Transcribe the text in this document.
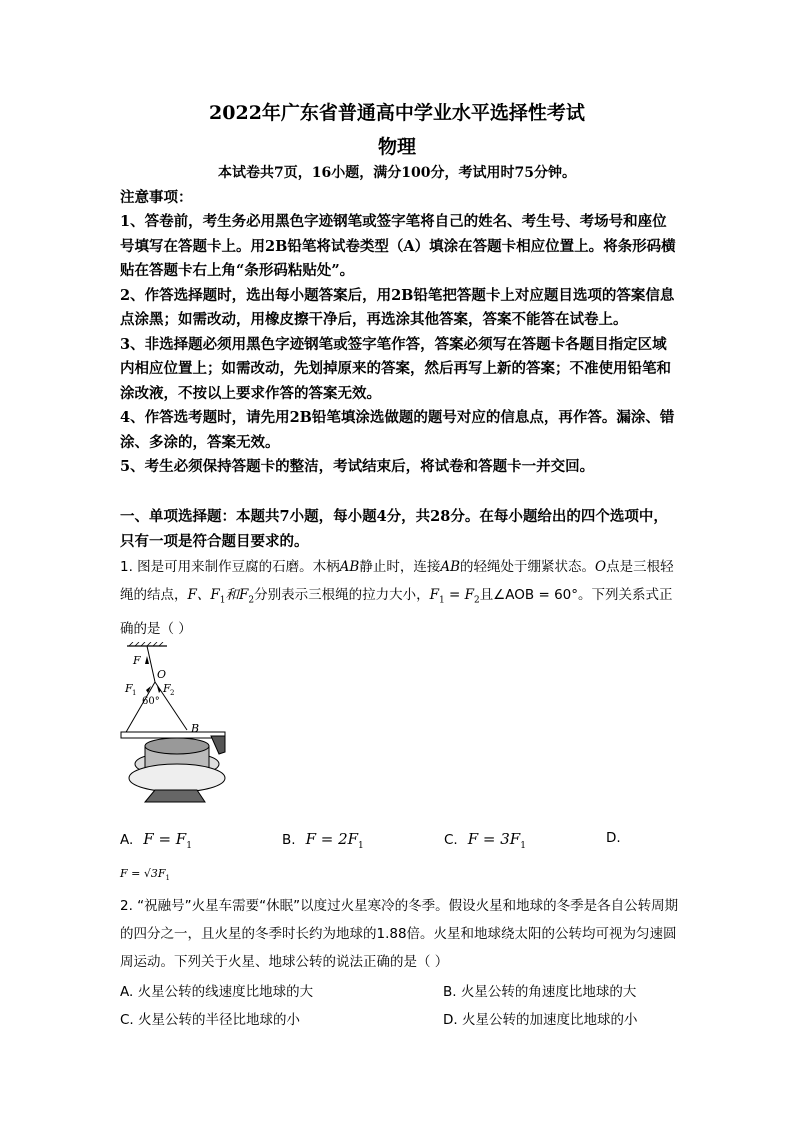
2022年广东省普通高中学业水平选择性考试
物理
本试卷共7页，16小题，满分100分，考试用时75分钟。
注意事项：

1、答卷前，考生务必用黑色字迹钢笔或签字笔将自己的姓名、考生号、考场号和座位号填写在答题卡上。用2B铅笔将试卷类型（A）填涂在答题卡相应位置上。将条形码横贴在答题卡右上角“条形码粘贴处”。

2、作答选择题时，选出每小题答案后，用2B铅笔把答题卡上对应题目选项的答案信息点涂黑；如需改动，用橡皮擦干净后，再选涂其他答案，答案不能答在试卷上。

3、非选择题必须用黑色字迹钢笔或签字笔作答，答案必须写在答题卡各题目指定区域内相应位置上；如需改动，先划掉原来的答案，然后再写上新的答案；不准使用铅笔和涂改液，不按以上要求作答的答案无效。

4、作答选考题时，请先用2B铅笔填涂选做题的题号对应的信息点，再作答。漏涂、错涂、多涂的，答案无效。

5、考生必须保持答题卡的整洁，考试结束后，将试卷和答题卡一并交回。

一、单项选择题：本题共7小题，每小题4分，共28分。在每小题给出的四个选项中，只有一项是符合题目要求的。

1. 图是可用来制作豆腐的石磨。木柄AB静止时，连接AB的轻绳处于绷紧状态。O点是三根轻绳的结点，F、$F_1$和$F_2$分别表示三根绳的拉力大小，$F_1 = F_2$且∠AOB = 60°。下列关系式正确的是（ ）

F
O
F 1 F 2
60°
B
A. $F = F_1$	B. $F = 2F_1$	C. $F = 3F_1$	D.
$F = √3F_1$

2. “祝融号”火星车需要“休眠”以度过火星寒冷的冬季。假设火星和地球的冬季是各自公转周期的四分之一，且火星的冬季时长约为地球的1.88倍。火星和地球绕太阳的公转均可视为匀速圆周运动。下列关于火星、地球公转的说法正确的是（ ）

A. 火星公转的线速度比地球的大	B. 火星公转的角速度比地球的大
C. 火星公转的半径比地球的小	D. 火星公转的加速度比地球的小
